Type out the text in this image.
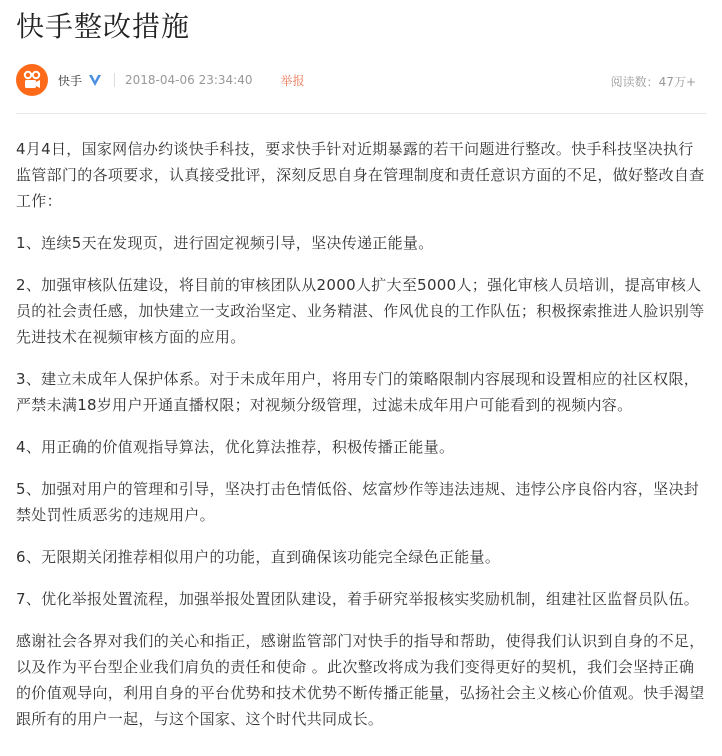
快手整改措施
快手	2018-04-06 23:34:40 举报	阅读数：47万+

4月4日，国家网信办约谈快手科技，要求快手针对近期暴露的若干问题进行整改。快手科技坚决执行监管部门的各项要求，认真接受批评，深刻反思自身在管理制度和责任意识方面的不足，做好整改自查工作：

1、连续5天在发现页，进行固定视频引导，坚决传递正能量。

2、加强审核队伍建设，将目前的审核团队从2000人扩大至5000人；强化审核人员培训，提高审核人员的社会责任感，加快建立一支政治坚定、业务精湛、作风优良的工作队伍；积极探索推进人脸识别等先进技术在视频审核方面的应用。

3、建立未成年人保护体系。对于未成年用户，将用专门的策略限制内容展现和设置相应的社区权限，严禁未满18岁用户开通直播权限；对视频分级管理，过滤未成年用户可能看到的视频内容。

4、用正确的价值观指导算法，优化算法推荐，积极传播正能量。

5、加强对用户的管理和引导，坚决打击色情低俗、炫富炒作等违法违规、违悖公序良俗内容，坚决封禁处罚性质恶劣的违规用户。

6、无限期关闭推荐相似用户的功能，直到确保该功能完全绿色正能量。

7、优化举报处置流程，加强举报处置团队建设，着手研究举报核实奖励机制，组建社区监督员队伍。

感谢社会各界对我们的关心和指正，感谢监管部门对快手的指导和帮助，使得我们认识到自身的不足，以及作为平台型企业我们肩负的责任和使命 。此次整改将成为我们变得更好的契机，我们会坚持正确的价值观导向，利用自身的平台优势和技术优势不断传播正能量，弘扬社会主义核心价值观。快手渴望跟所有的用户一起，与这个国家、这个时代共同成长。
